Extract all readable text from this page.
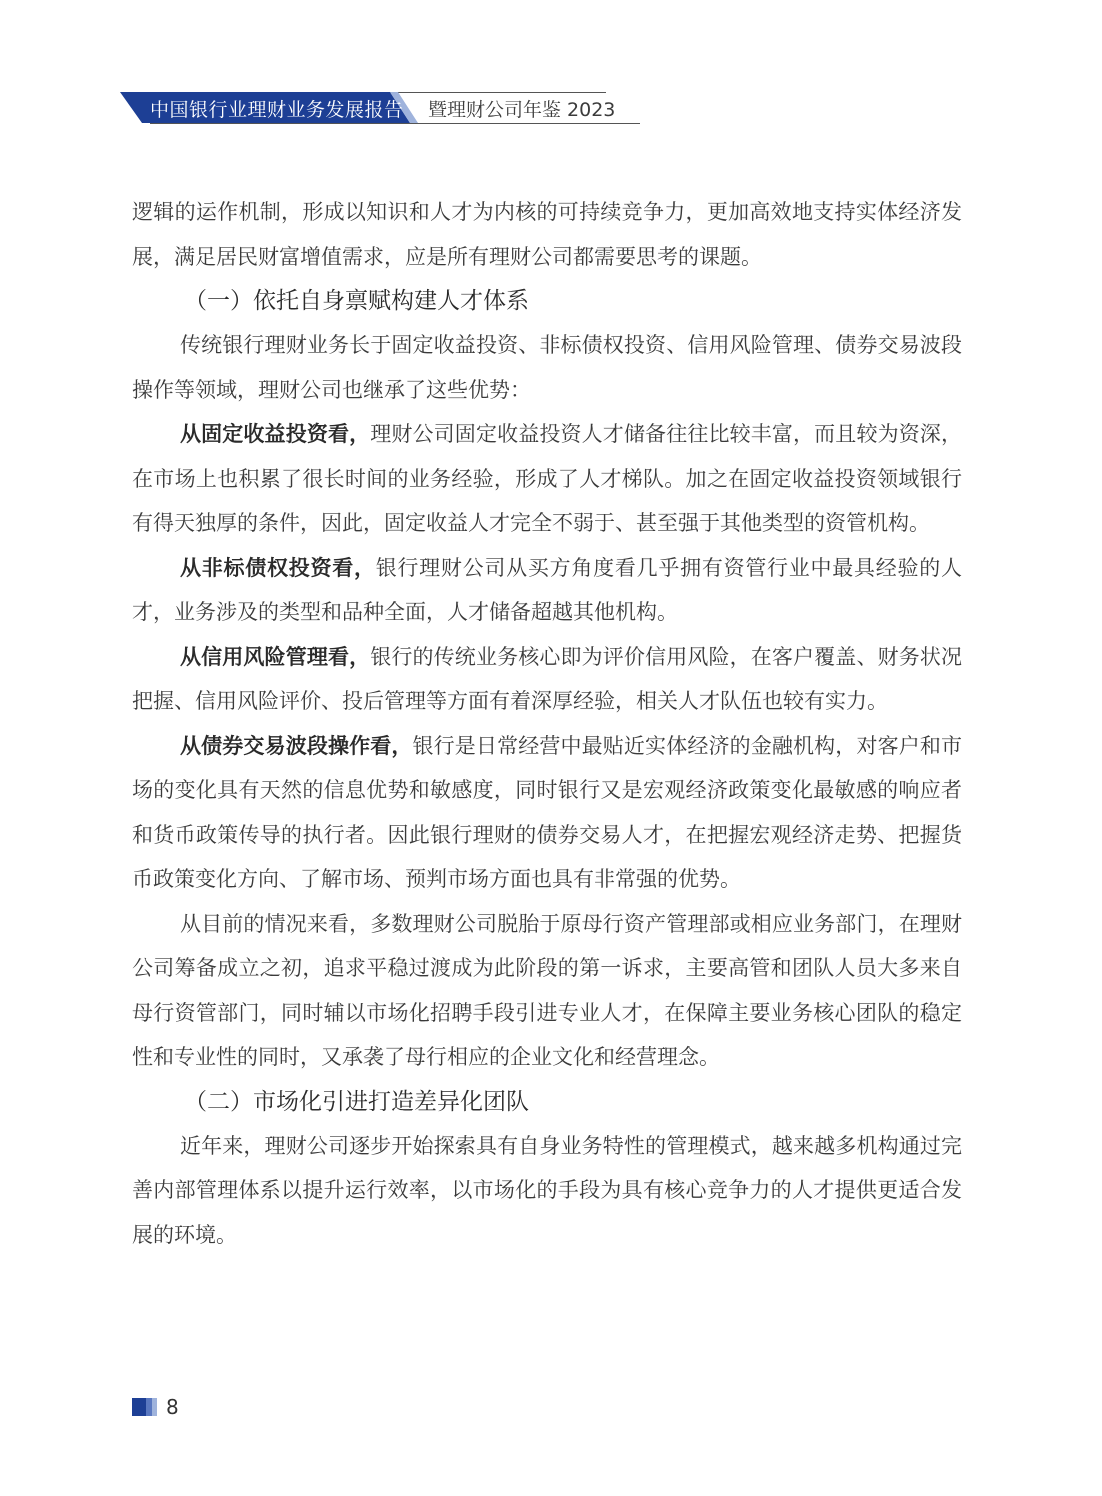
中国银行业理财业务发展报告 暨理财公司年鉴 2023

逻辑的运作机制，形成以知识和人才为内核的可持续竞争力，更加高效地支持实体经济发展，满足居民财富增值需求，应是所有理财公司都需要思考的课题。

（一）依托自身禀赋构建人才体系

传统银行理财业务长于固定收益投资、非标债权投资、信用风险管理、债券交易波段操作等领域，理财公司也继承了这些优势：

从固定收益投资看，理财公司固定收益投资人才储备往往比较丰富，而且较为资深，在市场上也积累了很长时间的业务经验，形成了人才梯队。加之在固定收益投资领域银行有得天独厚的条件，因此，固定收益人才完全不弱于、甚至强于其他类型的资管机构。

从非标债权投资看，银行理财公司从买方角度看几乎拥有资管行业中最具经验的人才，业务涉及的类型和品种全面，人才储备超越其他机构。

从信用风险管理看，银行的传统业务核心即为评价信用风险，在客户覆盖、财务状况把握、信用风险评价、投后管理等方面有着深厚经验，相关人才队伍也较有实力。

从债券交易波段操作看，银行是日常经营中最贴近实体经济的金融机构，对客户和市场的变化具有天然的信息优势和敏感度，同时银行又是宏观经济政策变化最敏感的响应者和货币政策传导的执行者。因此银行理财的债券交易人才，在把握宏观经济走势、把握货币政策变化方向、了解市场、预判市场方面也具有非常强的优势。

从目前的情况来看，多数理财公司脱胎于原母行资产管理部或相应业务部门，在理财公司筹备成立之初，追求平稳过渡成为此阶段的第一诉求，主要高管和团队人员大多来自母行资管部门，同时辅以市场化招聘手段引进专业人才，在保障主要业务核心团队的稳定性和专业性的同时，又承袭了母行相应的企业文化和经营理念。

（二）市场化引进打造差异化团队

近年来，理财公司逐步开始探索具有自身业务特性的管理模式，越来越多机构通过完善内部管理体系以提升运行效率，以市场化的手段为具有核心竞争力的人才提供更适合发展的环境。

8
